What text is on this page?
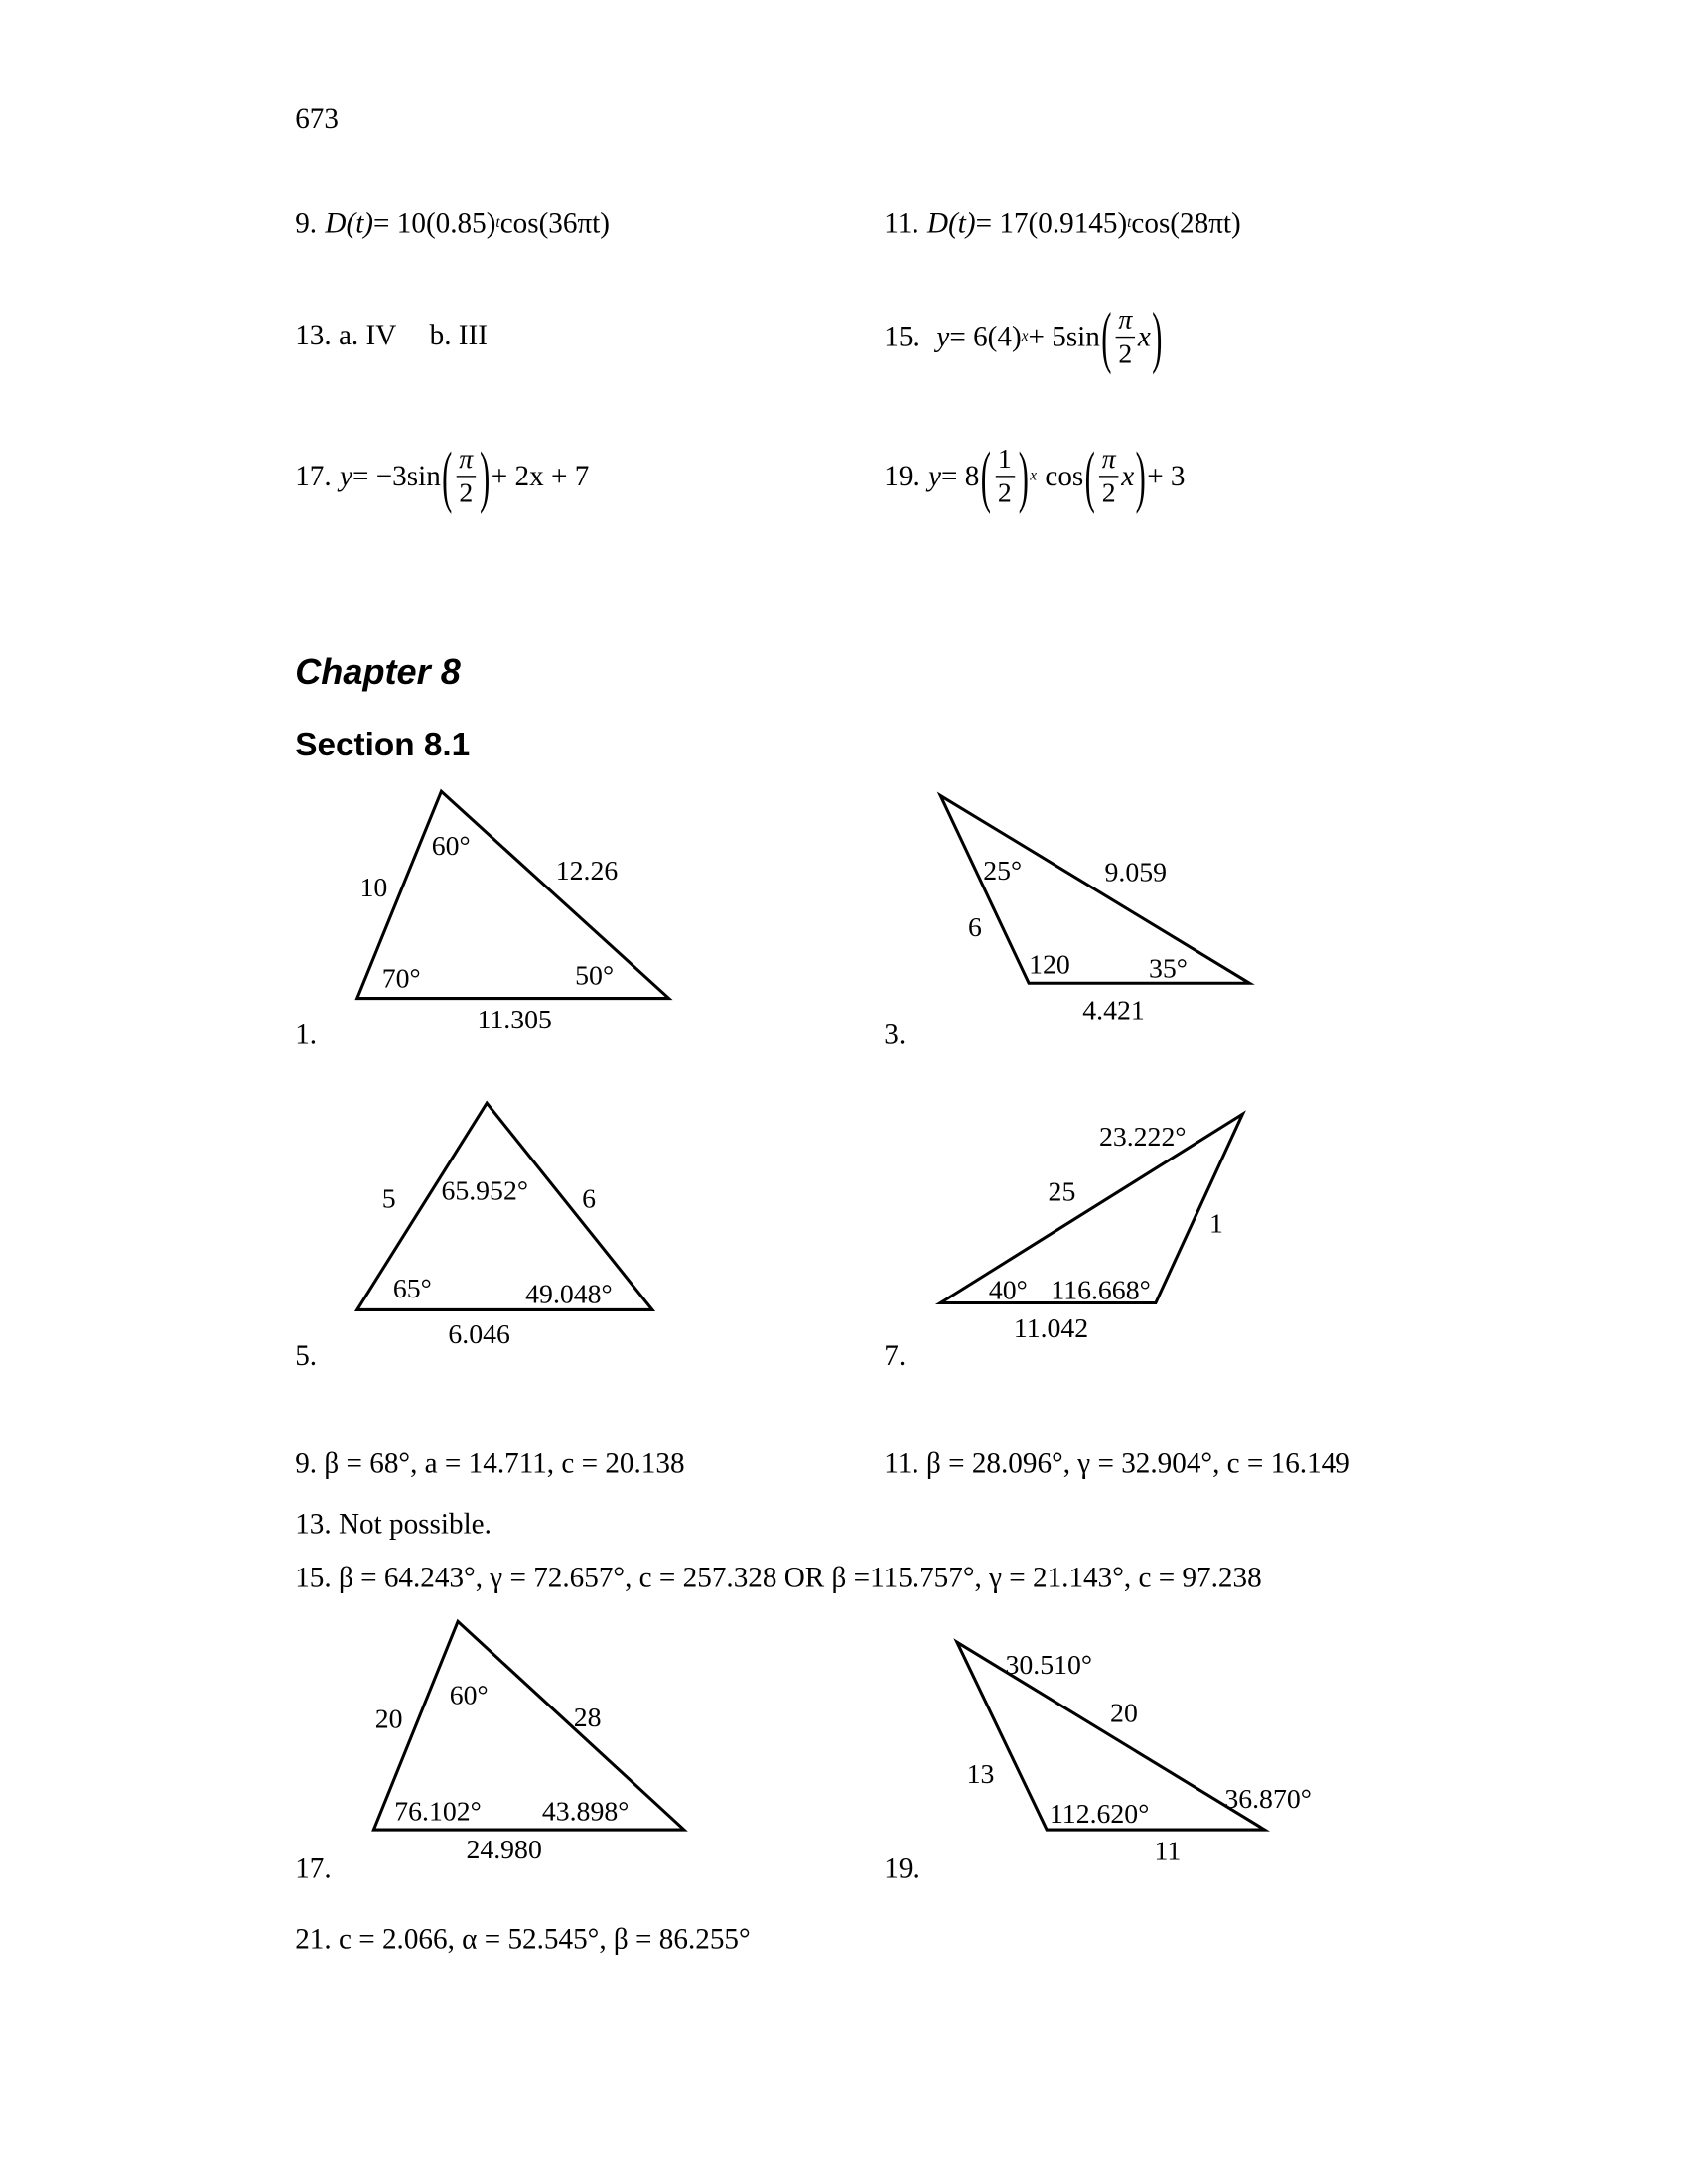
673
9. D(t) = 10(0.85) t cos(36πt)	11. D(t) = 17(0.9145) t cos(28πt)
13. a. IV b. III	15. y = 6(4) x + 5sin ( $\frac{\pi}{2}$ x )
17. y = −3sin ( $\frac{\pi}{2}$ ) + 2x + 7	19. y = 8 ( $\frac{1}{2}$ ) x cos ( $\frac{\pi}{2}$ x ) + 3
Chapter 8
Section 8.1
1.
60°
10
12.26
70°	50°
11.305	3.
25°	9.059
6
120	35°
4.421
5.
5 65.952°	6
65°	49.048°
6.046
7.
23.222°
25
1
40° 116.668°
11.042
9. β = 68°, a = 14.711, c = 20.138	11. β = 28.096°, γ = 32.904°, c = 16.149
13. Not possible.
15. β = 64.243°, γ = 72.657°, c = 257.328 OR β =115.757°, γ = 21.143°, c = 97.238
17.
60°
20	28
76.102°	43.898°
24.980
19.
30.510°
20
13
112.620°	36.870°
11
21. c = 2.066, α = 52.545°, β = 86.255°
